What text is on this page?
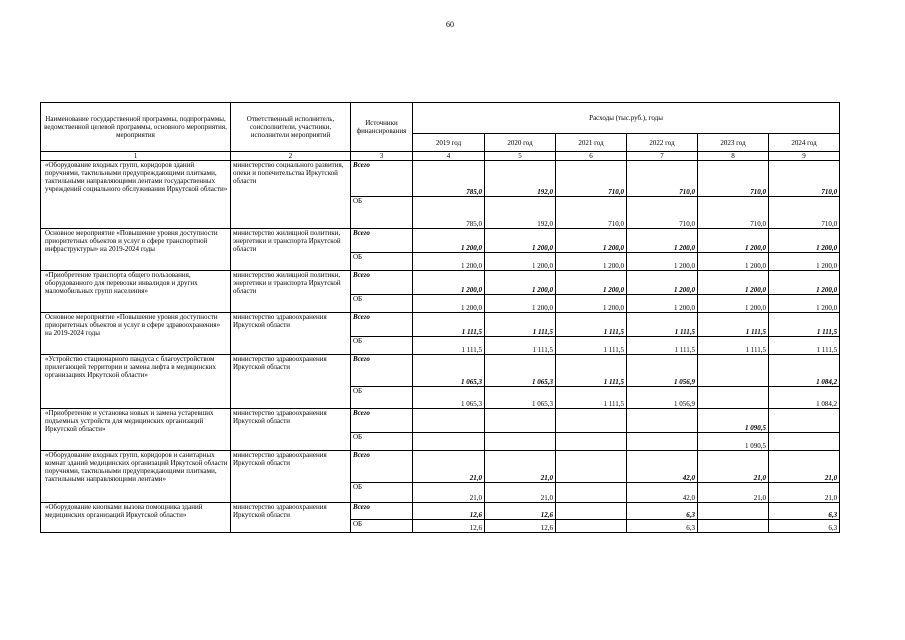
60
Наименование государственной программы, подпрограммы, ведомственной целевой программы, основного мероприятия, мероприятия	Ответственный исполнитель, соисполнители, участники, исполнители мероприятий	Источники финансирования	Расходы (тыс.руб.), годы					
			2019 год	2020 год	2021 год	2022 год	2023 год	2024 год
1	2	3	4	5	6	7	8	9
«Оборудование входных групп, коридоров зданий поручнями, тактильными предупреждающими плитками, тактильными направляющими лентами государственных учреждений социального обслуживания Иркутской области»	министерство социального развития, опеки и попечительства Иркутской области	Всего	785,0	192,0	710,0	710,0	710,0	710,0
		ОБ	785,0	192,0	710,0	710,0	710,0	710,0
Основное мероприятие «Повышение уровня доступности приоритетных объектов и услуг в сфере транспортной инфраструктуры» на 2019-2024 годы	министерство жилищной политики, энергетики и транспорта Иркутской области	Всего	1 200,0	1 200,0	1 200,0	1 200,0	1 200,0	1 200,0
		ОБ	1 200,0	1 200,0	1 200,0	1 200,0	1 200,0	1 200,0
«Приобретение транспорта общего пользования, оборудованного для перевозки инвалидов и других маломобильных групп населения»	министерство жилищной политики, энергетики и транспорта Иркутской области	Всего	1 200,0	1 200,0	1 200,0	1 200,0	1 200,0	1 200,0
		ОБ	1 200,0	1 200,0	1 200,0	1 200,0	1 200,0	1 200,0
Основное мероприятие «Повышение уровня доступности приоритетных объектов и услуг в сфере здравоохранения» на 2019-2024 годы	министерство здравоохранения Иркутской области	Всего	1 111,5	1 111,5	1 111,5	1 111,5	1 111,5	1 111,5
		ОБ	1 111,5	1 111,5	1 111,5	1 111,5	1 111,5	1 111,5
«Устройство стационарного пандуса с благоустройством прилегающей территории и замена лифта в медицинских организациях Иркутской области»	министерство здравоохранения Иркутской области	Всего	1 065,3	1 065,3	1 111,5	1 056,9		1 084,2
		ОБ	1 065,3	1 065,3	1 111,5	1 056,9		1 084,2
«Приобретение и установка новых и замена устаревших подъемных устройств для медицинских организаций Иркутской области»	министерство здравоохранения Иркутской области	Всего					1 090,5	
		ОБ					1 090,5	
«Оборудование входных групп, коридоров и санитарных комнат зданий медицинских организаций Иркутской области поручнями, тактильными предупреждающими плитками, тактильными направляющими лентами»	министерство здравоохранения Иркутской области	Всего	21,0	21,0		42,0	21,0	21,0
		ОБ	21,0	21,0		42,0	21,0	21,0
«Оборудование кнопками вызова помощника зданий медицинских организаций Иркутской области»	министерство здравоохранения Иркутской области	Всего	12,6	12,6		6,3		6,3
		ОБ	12,6	12,6		6,3		6,3
